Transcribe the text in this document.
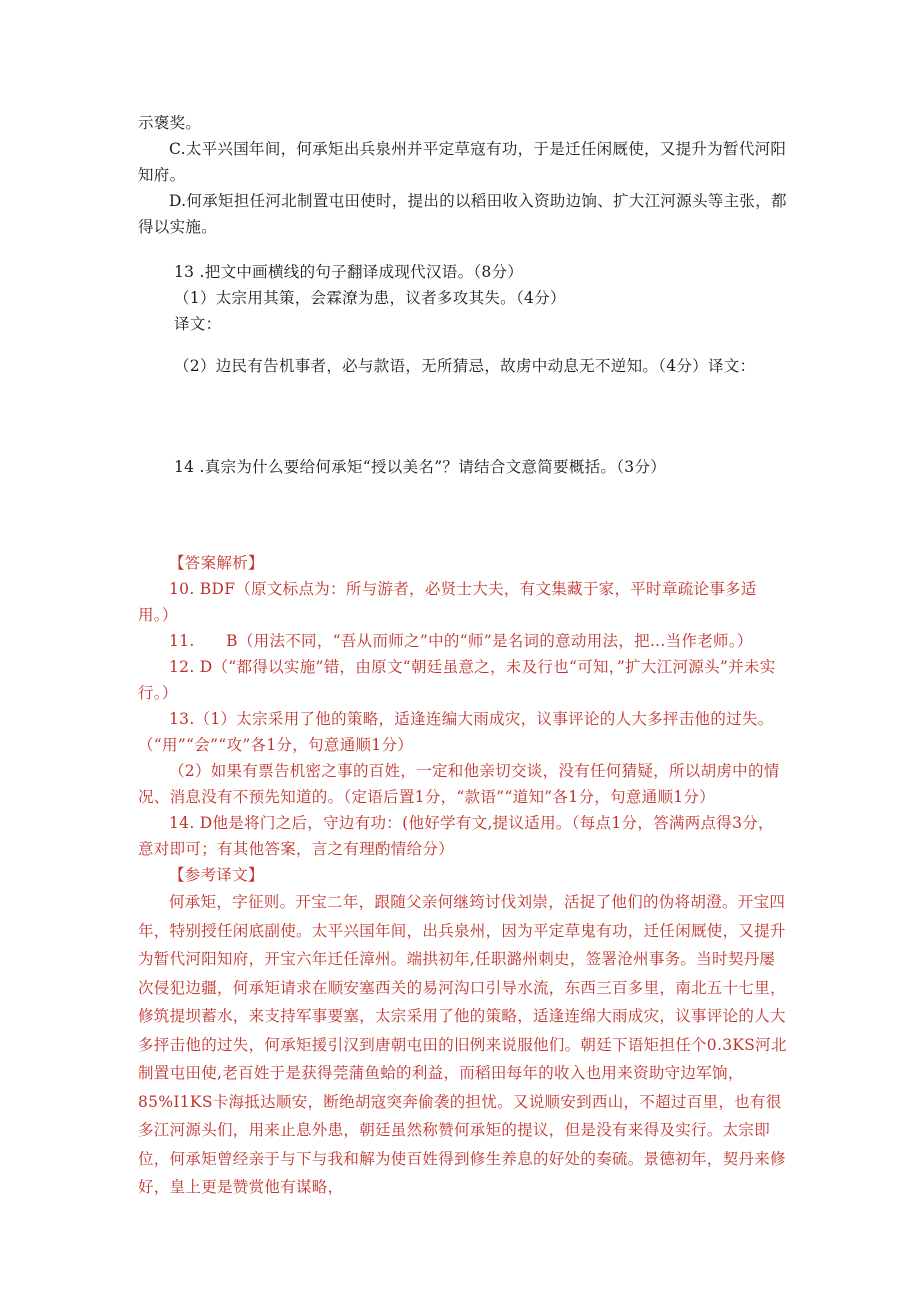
示褒奖。

C.太平兴国年间，何承矩出兵泉州并平定草寇有功，于是迁任闲厩使，又提升为暂代河阳知府。

D.何承矩担任河北制置屯田使时，提出的以稻田收入资助边饷、扩大江河源头等主张，都得以实施。

13 .把文中画横线的句子翻译成现代汉语。（8分）

（1）太宗用其策，会霖潦为患，议者多攻其失。（4分）

译文：

（2）边民有告机事者，必与款语，无所猜忌，故虏中动息无不逆知。（4分）译文：

14 .真宗为什么要给何承矩“授以美名”？请结合文意简要概括。（3分）

【答案解析】

10. BDF（原文标点为：所与游者，必贤士大夫，有文集藏于家，平时章疏论事多适用。）

11.　　B（用法不同，“吾从而师之”中的“师”是名词的意动用法，把...当作老师。）

12. D（“都得以实施”错，由原文“朝廷虽意之，未及行也“可知，”扩大江河源头”并未实行。）

13.（1）太宗采用了他的策略，适逢连编大雨成灾，议事评论的人大多抨击他的过失。（“用”“会”“攻”各1分，句意通顺1分）

（2）如果有票告机密之事的百姓，一定和他亲切交谈，没有任何猜疑，所以胡虏中的情况、消息没有不预先知道的。（定语后置1分，“款语”“道知”各1分，句意通顺1分）

14. D他是将门之后，守边有功：(他好学有文,提议适用。（每点1分，答满两点得3分，意对即可；有其他答案，言之有理酌情给分）

【参考译文】

何承矩，字征则。开宝二年，跟随父亲何继筠讨伐刘崇，活捉了他们的伪将胡澄。开宝四年，特别授任闲底副使。太平兴国年间，出兵泉州，因为平定草鬼有功，迁任闲厩使，又提升为暂代河阳知府，开宝六年迁任漳州。端拱初年,任职潞州刺史，签署沧州事务。当时契丹屡次侵犯边疆，何承矩请求在顺安塞西关的易河沟口引导水流，东西三百多里，南北五十七里，修筑提坝蓄水，来支持军事要塞，太宗采用了他的策略，适逢连绵大雨成灾，议事评论的人大多抨击他的过失，何承矩援引汉到唐朝屯田的旧例来说服他们。朝廷下语矩担任个0.3KS河北制置屯田使,老百姓于是获得莞蒲鱼蛤的利益，而稻田每年的收入也用来资助守边军饷，85%I1KS卡海抵达顺安，断绝胡寇突奔偷袭的担忧。又说顺安到西山，不超过百里，也有很多江河源头们，用来止息外患，朝廷虽然称赞何承矩的提议，但是没有来得及实行。太宗即位，何承矩曾经亲于与下与我和解为使百姓得到修生养息的好处的奏硫。景德初年，契丹来修好，皇上更是赞赏他有谋略，
